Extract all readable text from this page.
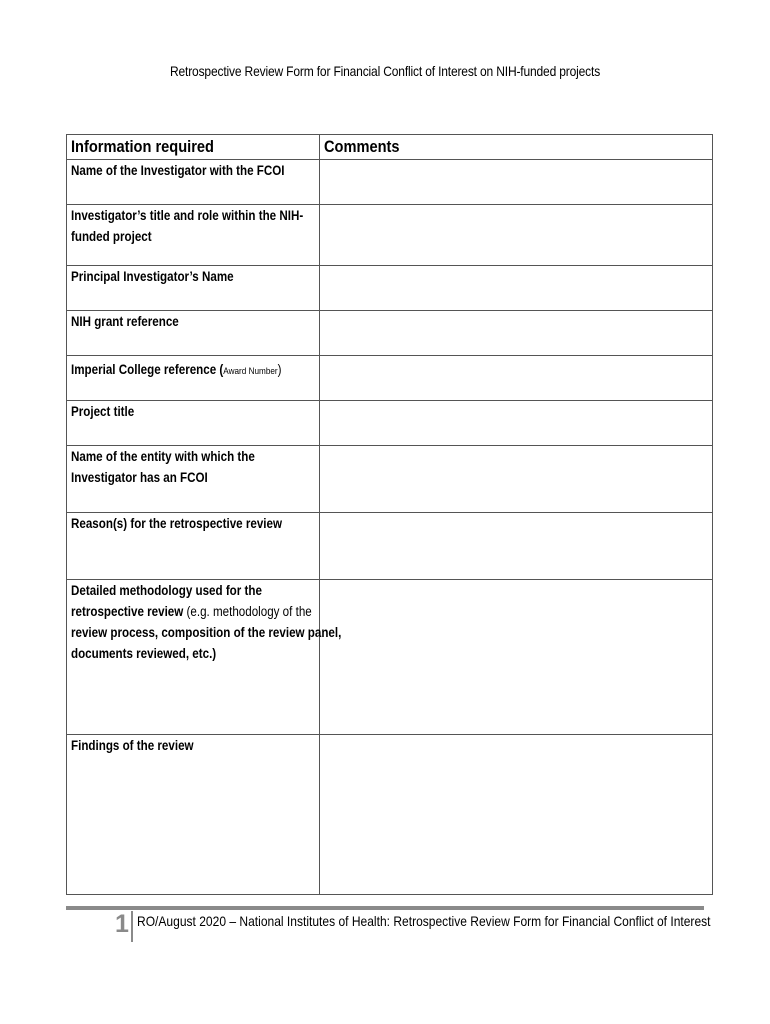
Retrospective Review Form for Financial Conflict of Interest on NIH-funded projects
Information required	Comments
Name of the Investigator with the FCOI	
Investigator’s title and role within the NIH-
funded project	
Principal Investigator’s Name	
NIH grant reference	
Imperial College reference (Award Number)	
Project title	
Name of the entity with which the
Investigator has an FCOI	
Reason(s) for the retrospective review	
Detailed methodology used for the
retrospective review (e.g. methodology of the
review process, composition of the review panel,
documents reviewed, etc.)	
Findings of the review	
1 RO/August 2020 – National Institutes of Health: Retrospective Review Form for Financial Conflict of Interest
